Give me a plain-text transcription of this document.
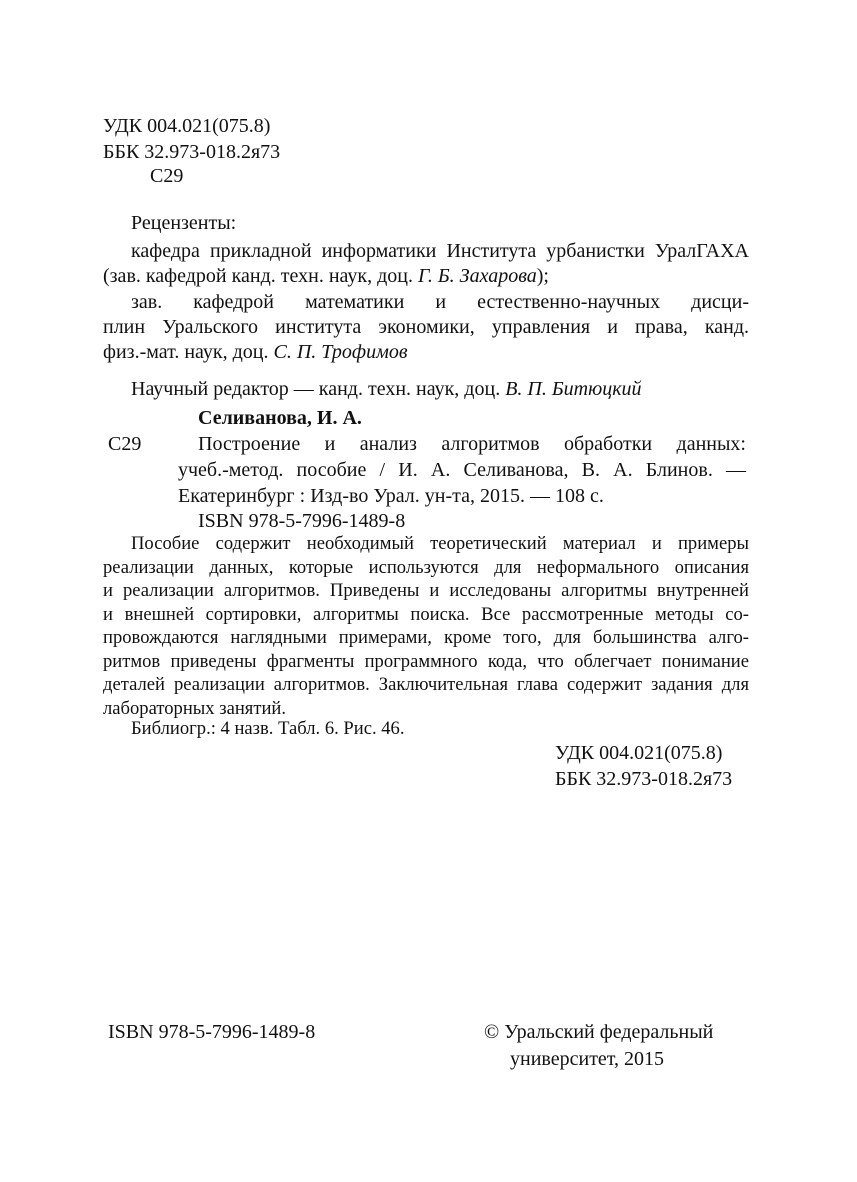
УДК 004.021(075.8)
ББК 32.973-018.2я73
С29
Рецензенты:
кафедра прикладной информатики Института урбанистки УралГАХА
(зав. кафедрой канд. техн. наук, доц. Г. Б. Захарова);
зав. кафедрой математики и естественно-научных дисци-
плин Уральского института экономики, управления и права, канд.
физ.-мат. наук, доц. С. П. Трофимов
Научный редактор — канд. техн. наук, доц. В. П. Битюцкий
Селиванова, И. А.
С29	Построение и анализ алгоритмов обработки данных:
учеб.-метод. пособие / И. А. Селиванова, В. А. Блинов. —
Екатеринбург : Изд-во Урал. ун-та, 2015. — 108 с.
ISBN 978-5-7996-1489-8

Пособие содержит необходимый теоретический материал и примеры

реализации данных, которые используются для неформального описания

и реализации алгоритмов. Приведены и исследованы алгоритмы внутренней

и внешней сортировки, алгоритмы поиска. Все рассмотренные методы со-

провождаются наглядными примерами, кроме того, для большинства алго-

ритмов приведены фрагменты программного кода, что облегчает понимание

деталей реализации алгоритмов. Заключительная глава содержит задания для

лабораторных занятий.

Библиогр.: 4 назв. Табл. 6. Рис. 46.
УДК 004.021(075.8)
ББК 32.973-018.2я73
ISBN 978-5-7996-1489-8	© Уральский федеральный
университет, 2015
